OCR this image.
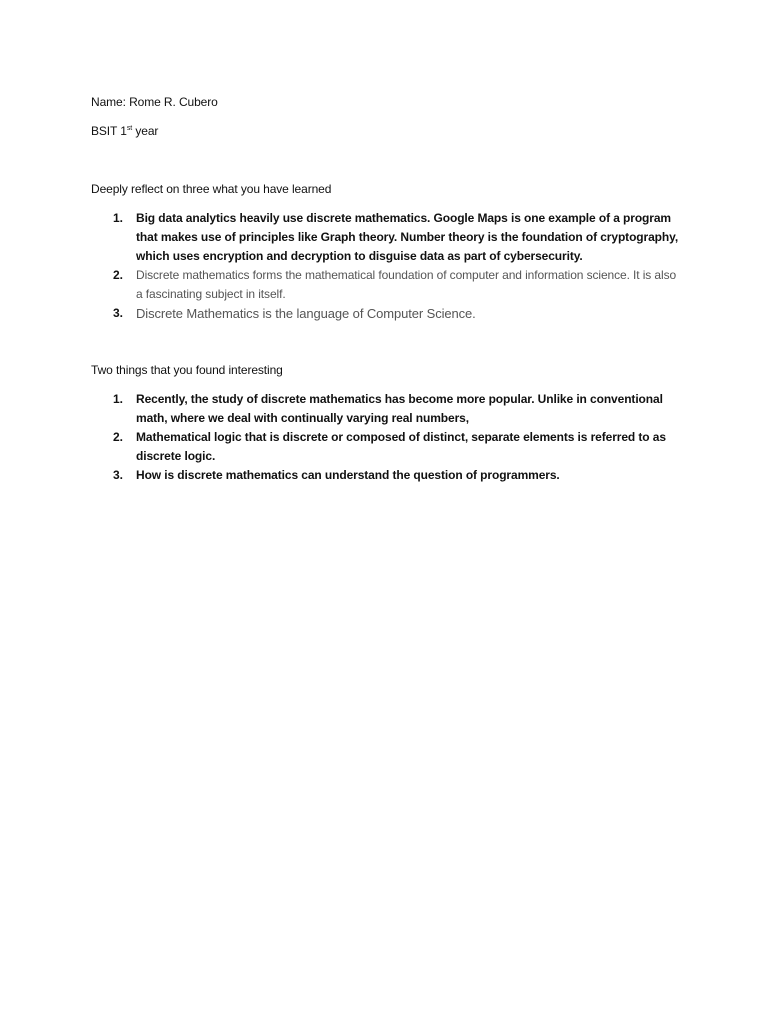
Name: Rome R. Cubero
BSIT 1st year
Deeply reflect on three what you have learned
1. Big data analytics heavily use discrete mathematics. Google Maps is one example of a program that makes use of principles like Graph theory. Number theory is the foundation of cryptography, which uses encryption and decryption to disguise data as part of cybersecurity.
2. Discrete mathematics forms the mathematical foundation of computer and information science. It is also a fascinating subject in itself.
3. Discrete Mathematics is the language of Computer Science.
Two things that you found interesting
1. Recently, the study of discrete mathematics has become more popular. Unlike in conventional math, where we deal with continually varying real numbers,
2. Mathematical logic that is discrete or composed of distinct, separate elements is referred to as discrete logic.
3. How is discrete mathematics can understand the question of programmers.
